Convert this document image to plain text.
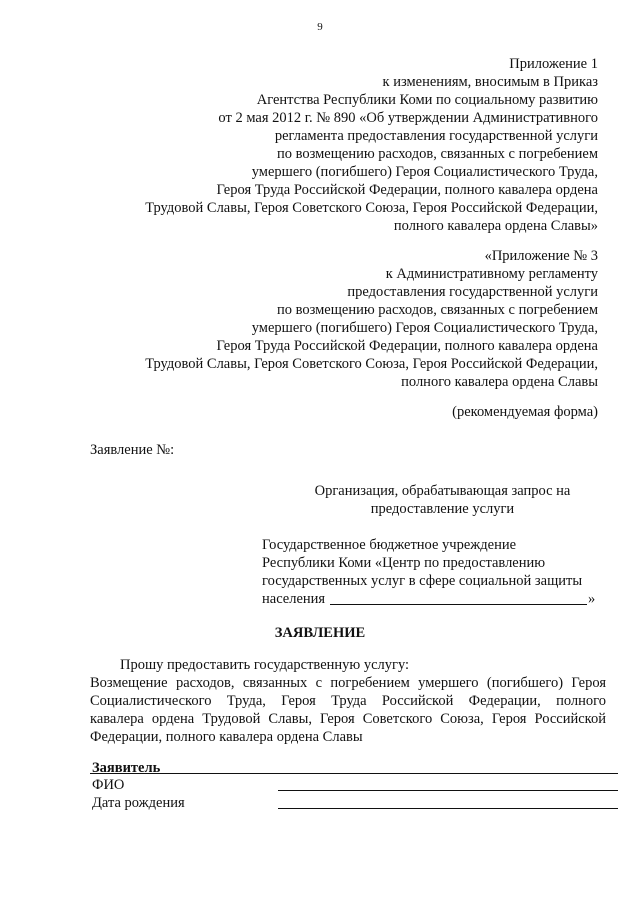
9
Приложение 1
к изменениям, вносимым в Приказ
Агентства Республики Коми по социальному развитию
от 2 мая 2012 г. № 890 «Об утверждении Административного
регламента предоставления государственной услуги
по возмещению расходов, связанных с погребением
умершего (погибшего) Героя Социалистического Труда,
Героя Труда Российской Федерации, полного кавалера ордена
Трудовой Славы, Героя Советского Союза, Героя Российской Федерации,
полного кавалера ордена Славы»
«Приложение № 3
к Административному регламенту
предоставления государственной услуги
по возмещению расходов, связанных с погребением
умершего (погибшего) Героя Социалистического Труда,
Героя Труда Российской Федерации, полного кавалера ордена
Трудовой Славы, Героя Советского Союза, Героя Российской Федерации,
полного кавалера ордена Славы
(рекомендуемая форма)
Заявление №:
Организация, обрабатывающая запрос на
предоставление услуги
Государственное бюджетное учреждение
Республики Коми «Центр по предоставлению
государственных услуг в сфере социальной защиты
населения	»
ЗАЯВЛЕНИЕ
Прошу предоставить государственную услугу:
Возмещение расходов, связанных с погребением умершего (погибшего) Героя
Социалистического Труда, Героя Труда Российской Федерации, полного
кавалера ордена Трудовой Славы, Героя Советского Союза, Героя Российской
Федерации, полного кавалера ордена Славы
Заявитель
ФИО
Дата рождения
